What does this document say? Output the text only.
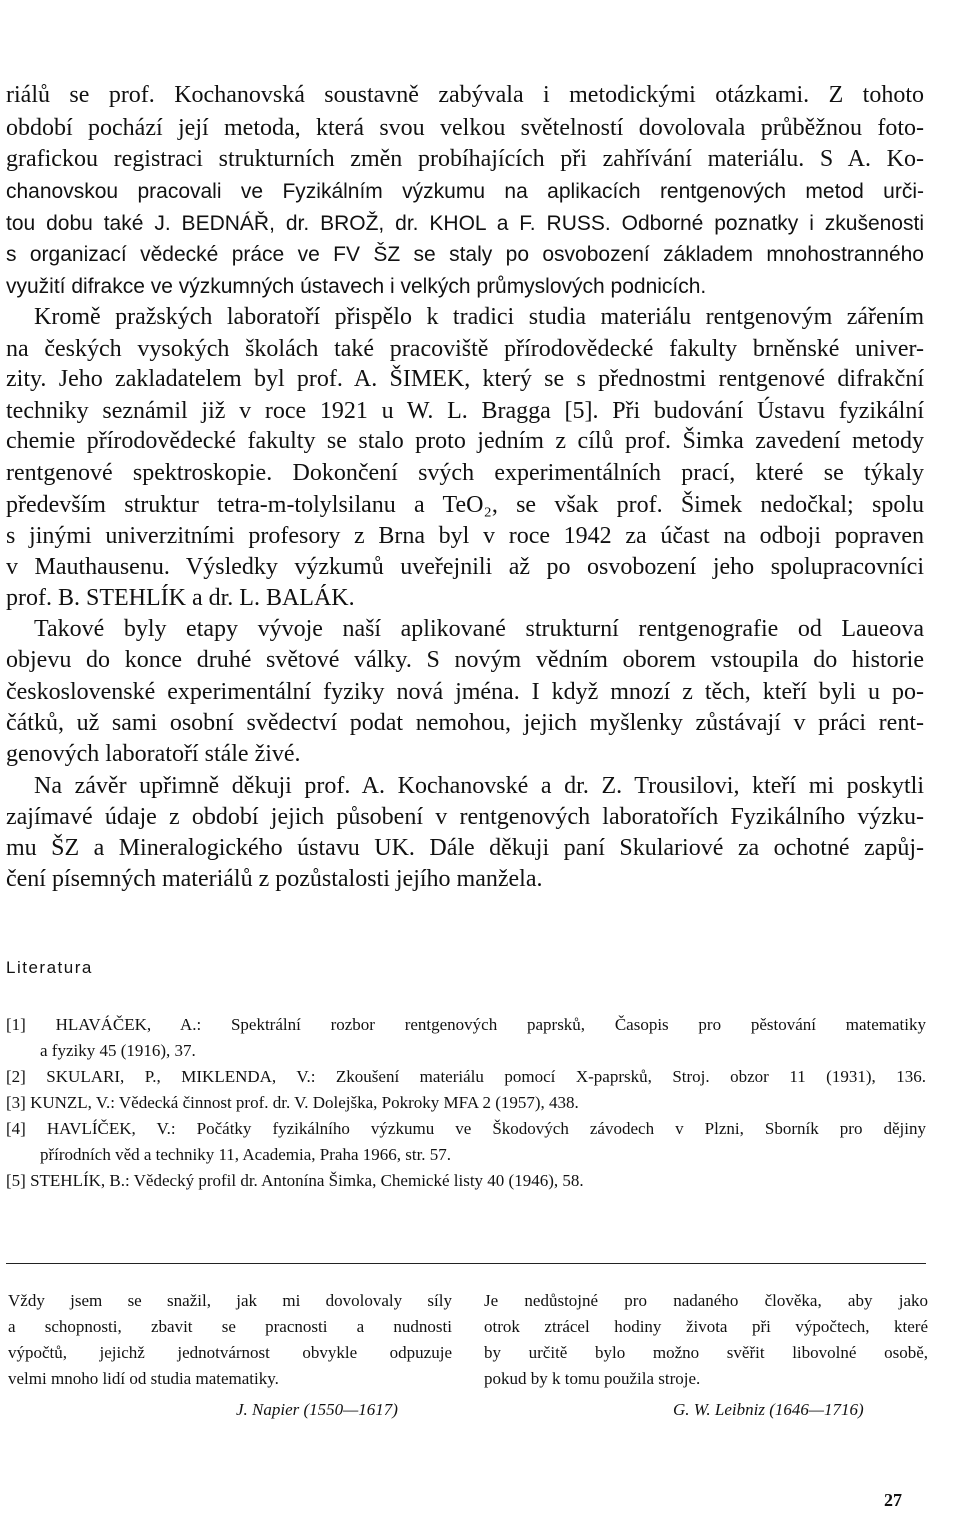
riálů se prof. Kochanovská soustavně zabývala i metodickými otázkami. Z tohoto

období pochází její metoda, která svou velkou světelností dovolovala průběžnou foto-

grafickou registraci strukturních změn probíhajících při zahřívání materiálu. S A. Ko-

chanovskou pracovali ve Fyzikálním výzkumu na aplikacích rentgenových metod urči-

tou dobu také J. BEDNÁŘ, dr. BROŽ, dr. KHOL a F. RUSS. Odborné poznatky i zkušenosti

s organizací vědecké práce ve FV ŠZ se staly po osvobození základem mnohostranného

využití difrakce ve výzkumných ústavech i velkých průmyslových podnicích.

Kromě pražských laboratoří přispělo k tradici studia materiálu rentgenovým zářením

na českých vysokých školách také pracoviště přírodovědecké fakulty brněnské univer-

zity. Jeho zakladatelem byl prof. A. ŠIMEK, který se s přednostmi rentgenové difrakční

techniky seznámil již v roce 1921 u W. L. Bragga [5]. Při budování Ústavu fyzikální

chemie přírodovědecké fakulty se stalo proto jedním z cílů prof. Šimka zavedení metody

rentgenové spektroskopie. Dokončení svých experimentálních prací, které se týkaly

především struktur tetra-m-tolylsilanu a TeO₂, se však prof. Šimek nedočkal; spolu

s jinými univerzitními profesory z Brna byl v roce 1942 za účast na odboji popraven

v Mauthausenu. Výsledky výzkumů uveřejnili až po osvobození jeho spolupracovníci

prof. B. STEHLÍK a dr. L. BALÁK.

Takové byly etapy vývoje naší aplikované strukturní rentgenografie od Laueova

objevu do konce druhé světové války. S novým vědním oborem vstoupila do historie

československé experimentální fyziky nová jména. I když mnozí z těch, kteří byli u po-

čátků, už sami osobní svědectví podat nemohou, jejich myšlenky zůstávají v práci rent-

genových laboratoří stále živé.

Na závěr upřimně děkuji prof. A. Kochanovské a dr. Z. Trousilovi, kteří mi poskytli

zajímavé údaje z období jejich působení v rentgenových laboratořích Fyzikálního výzku-

mu ŠZ a Mineralogického ústavu UK. Dále děkuji paní Skulariové za ochotné zapůj-

čení písemných materiálů z pozůstalosti jejího manžela.

Literatura

[1] HLAVÁČEK, A.: Spektrální rozbor rentgenových paprsků, Časopis pro pěstování matematiky

a fyziky 45 (1916), 37.

[2] SKULARI, P., MIKLENDA, V.: Zkoušení materiálu pomocí X-paprsků, Stroj. obzor 11 (1931), 136.

[3] KUNZL, V.: Vědecká činnost prof. dr. V. Dolejška, Pokroky MFA 2 (1957), 438.

[4] HAVLÍČEK, V.: Počátky fyzikálního výzkumu ve Škodových závodech v Plzni, Sborník pro dějiny

přírodních věd a techniky 11, Academia, Praha 1966, str. 57.

[5] STEHLÍK, B.: Vědecký profil dr. Antonína Šimka, Chemické listy 40 (1946), 58.

Vždy jsem se snažil, jak mi dovolovaly síly

a schopnosti, zbavit se pracnosti a nudnosti

výpočtů, jejichž jednotvárnost obvykle odpuzuje

velmi mnoho lidí od studia matematiky.

J. Napier (1550—1617)

Je nedůstojné pro nadaného člověka, aby jako

otrok ztrácel hodiny života při výpočtech, které

by určitě bylo možno svěřit libovolné osobě,

pokud by k tomu použila stroje.

G. W. Leibniz (1646—1716)

27
